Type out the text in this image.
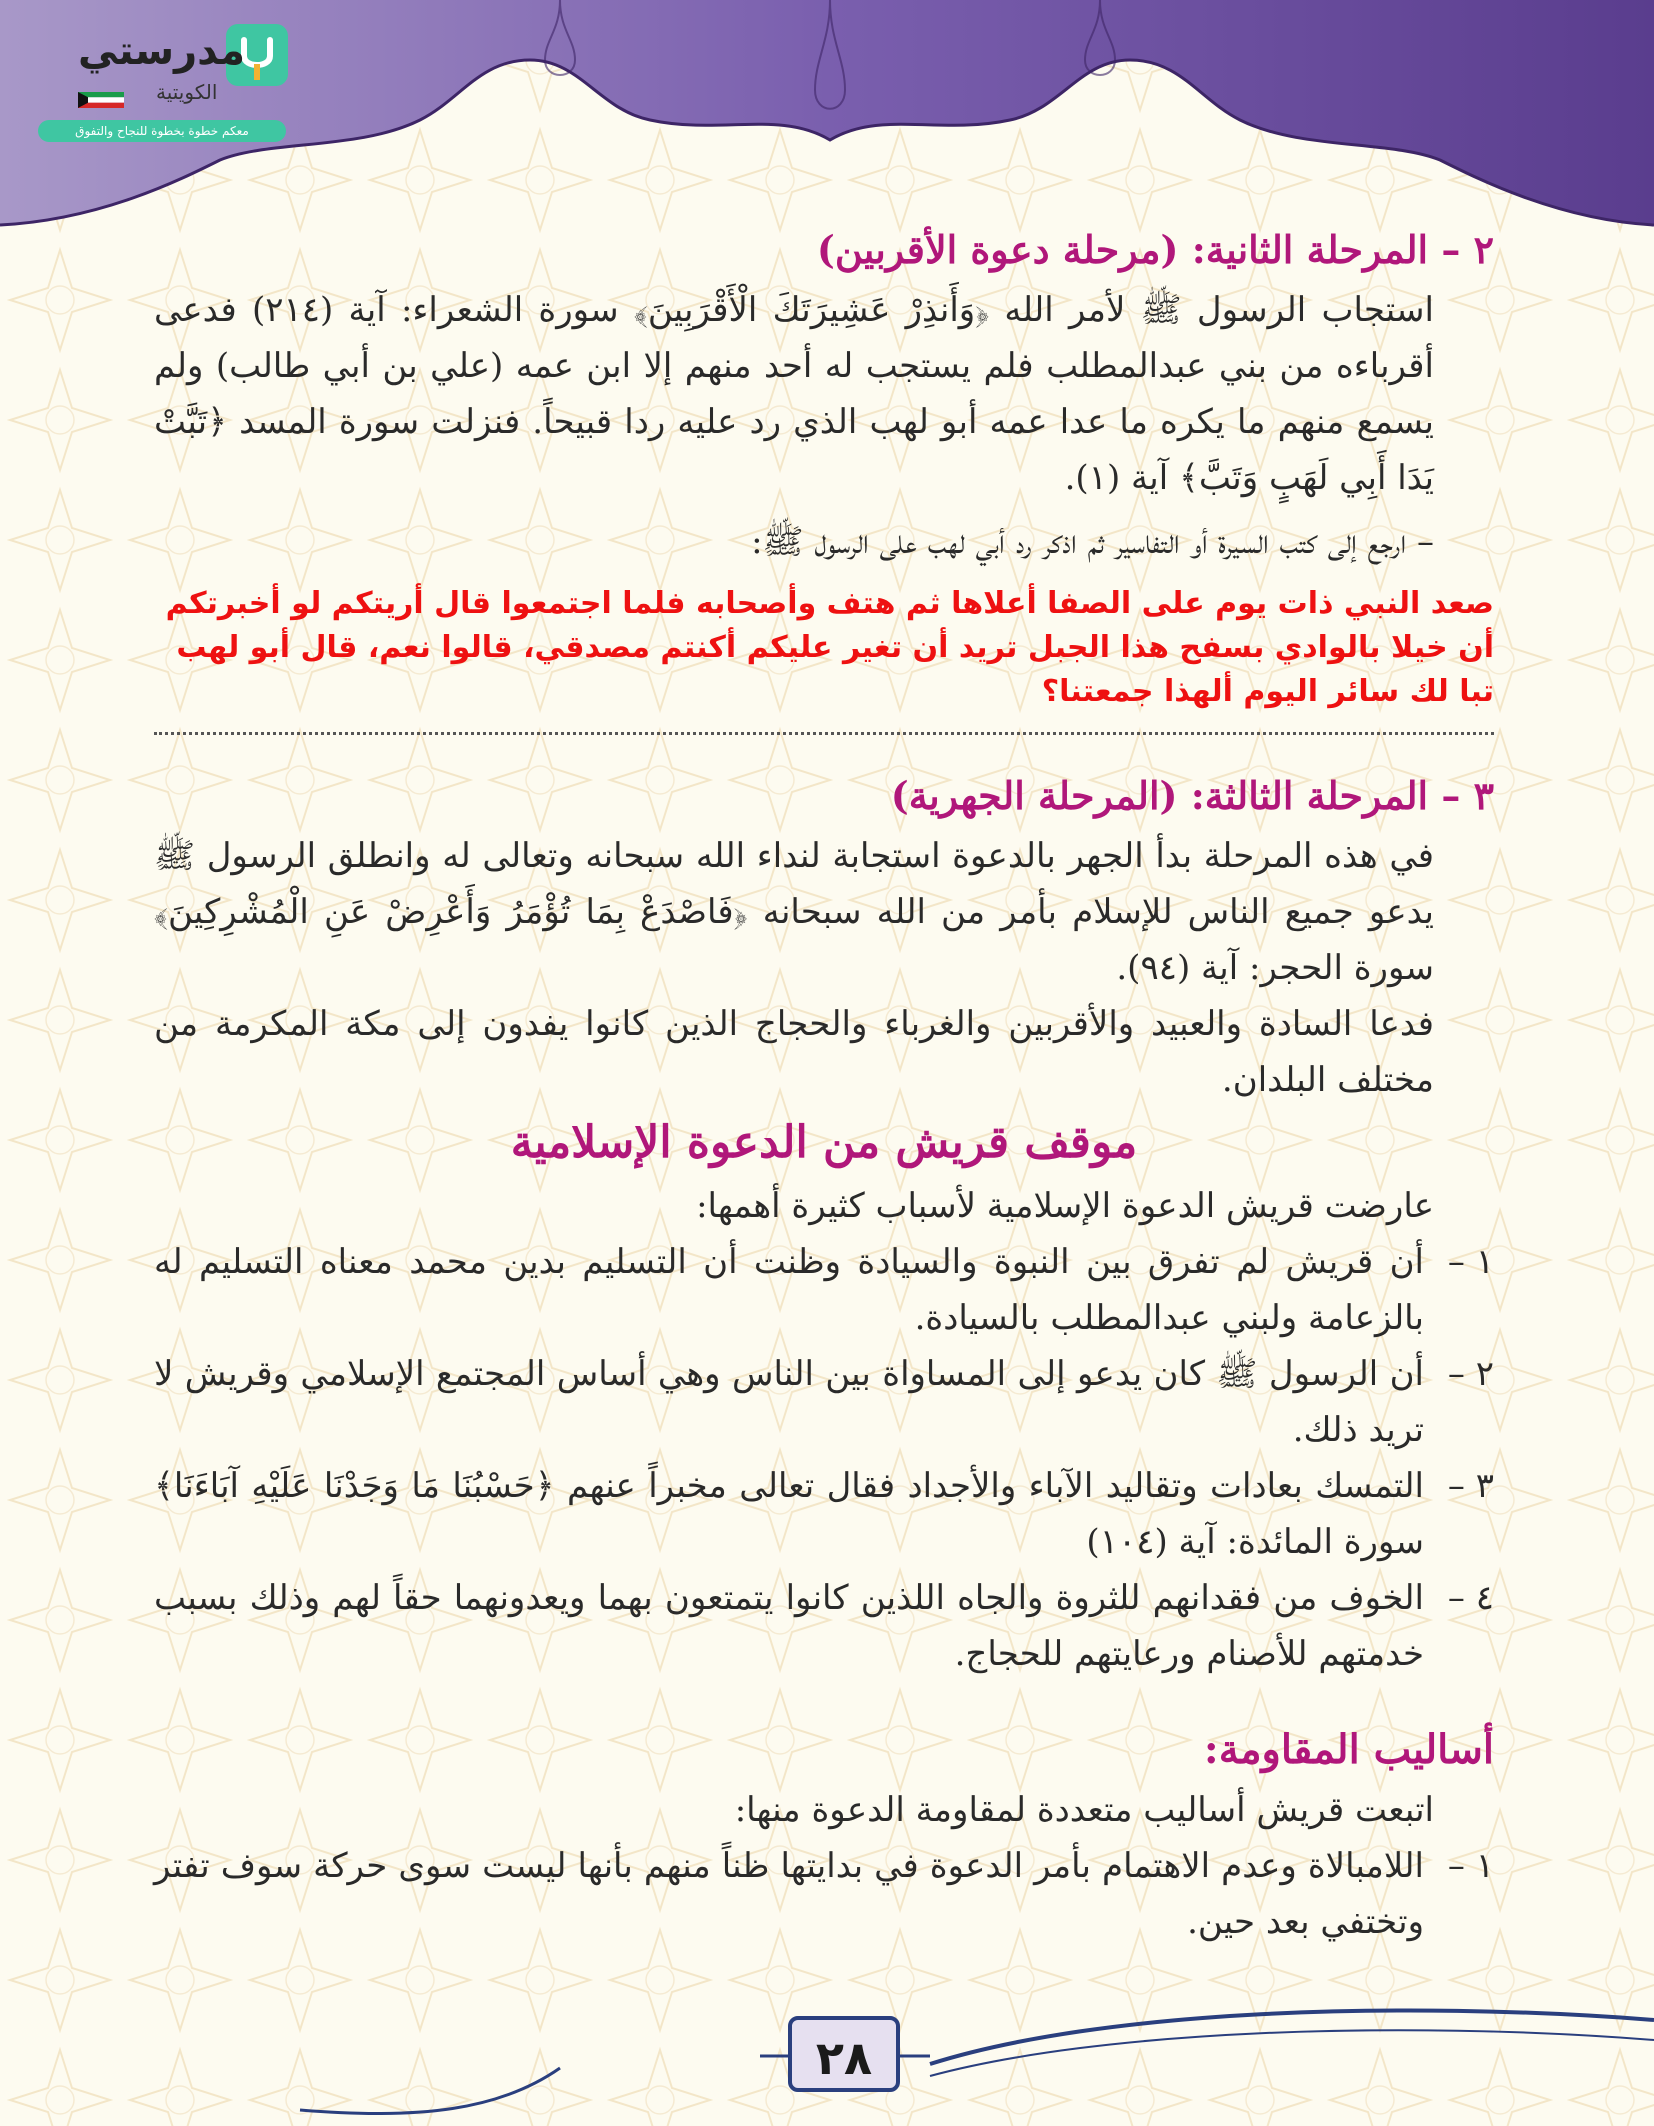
مدرستي
الكويتية
معكم خطوة بخطوة للنجاح والتفوق
٢ – المرحلة الثانية: (مرحلة دعوة الأقربين)

استجاب الرسول ﷺ لأمر الله ﴿وَأَنذِرْ عَشِيرَتَكَ الْأَقْرَبِينَ﴾ سورة الشعراء: آية (٢١٤) فدعى أقرباءه من بني عبدالمطلب فلم يستجب له أحد منهم إلا ابن عمه (علي بن أبي طالب) ولم يسمع منهم ما يكره ما عدا عمه أبو لهب الذي رد عليه ردا قبيحاً. فنزلت سورة المسد ﴿تَبَّتْ يَدَا أَبِي لَهَبٍ وَتَبَّ﴾ آية (١).

– ارجع إلى كتب السيرة أو التفاسير ثم اذكر رد أبي لهب على الرسول ﷺ:

صعد النبي ذات يوم على الصفا أعلاها ثم هتف وأصحابه فلما اجتمعوا قال أريتكم لو أخبرتكم أن خيلا بالوادي بسفح هذا الجبل تريد أن تغير عليكم أكنتم مصدقي، قالوا نعم، قال أبو لهب تبا لك سائر اليوم ألهذا جمعتنا؟

٣ – المرحلة الثالثة: (المرحلة الجهرية)

في هذه المرحلة بدأ الجهر بالدعوة استجابة لنداء الله سبحانه وتعالى له وانطلق الرسول ﷺ يدعو جميع الناس للإسلام بأمر من الله سبحانه ﴿فَاصْدَعْ بِمَا تُؤْمَرُ وَأَعْرِضْ عَنِ الْمُشْرِكِينَ﴾ سورة الحجر: آية (٩٤).

فدعا السادة والعبيد والأقربين والغرباء والحجاج الذين كانوا يفدون إلى مكة المكرمة من مختلف البلدان.

موقف قريش من الدعوة الإسلامية

عارضت قريش الدعوة الإسلامية لأسباب كثيرة أهمها:

١ –
أن قريش لم تفرق بين النبوة والسيادة وظنت أن التسليم بدين محمد معناه التسليم له بالزعامة ولبني عبدالمطلب بالسيادة.
٢ –
أن الرسول ﷺ كان يدعو إلى المساواة بين الناس وهي أساس المجتمع الإسلامي وقريش لا تريد ذلك.
٣ –
التمسك بعادات وتقاليد الآباء والأجداد فقال تعالى مخبراً عنهم ﴿حَسْبُنَا مَا وَجَدْنَا عَلَيْهِ آبَاءَنَا﴾ سورة المائدة: آية (١٠٤)
٤ –
الخوف من فقدانهم للثروة والجاه اللذين كانوا يتمتعون بهما ويعدونهما حقاً لهم وذلك بسبب خدمتهم للأصنام ورعايتهم للحجاج.
أساليب المقاومة:

اتبعت قريش أساليب متعددة لمقاومة الدعوة منها:

١ –
اللامبالاة وعدم الاهتمام بأمر الدعوة في بدايتها ظناً منهم بأنها ليست سوى حركة سوف تفتر وتختفي بعد حين.
٢٨
